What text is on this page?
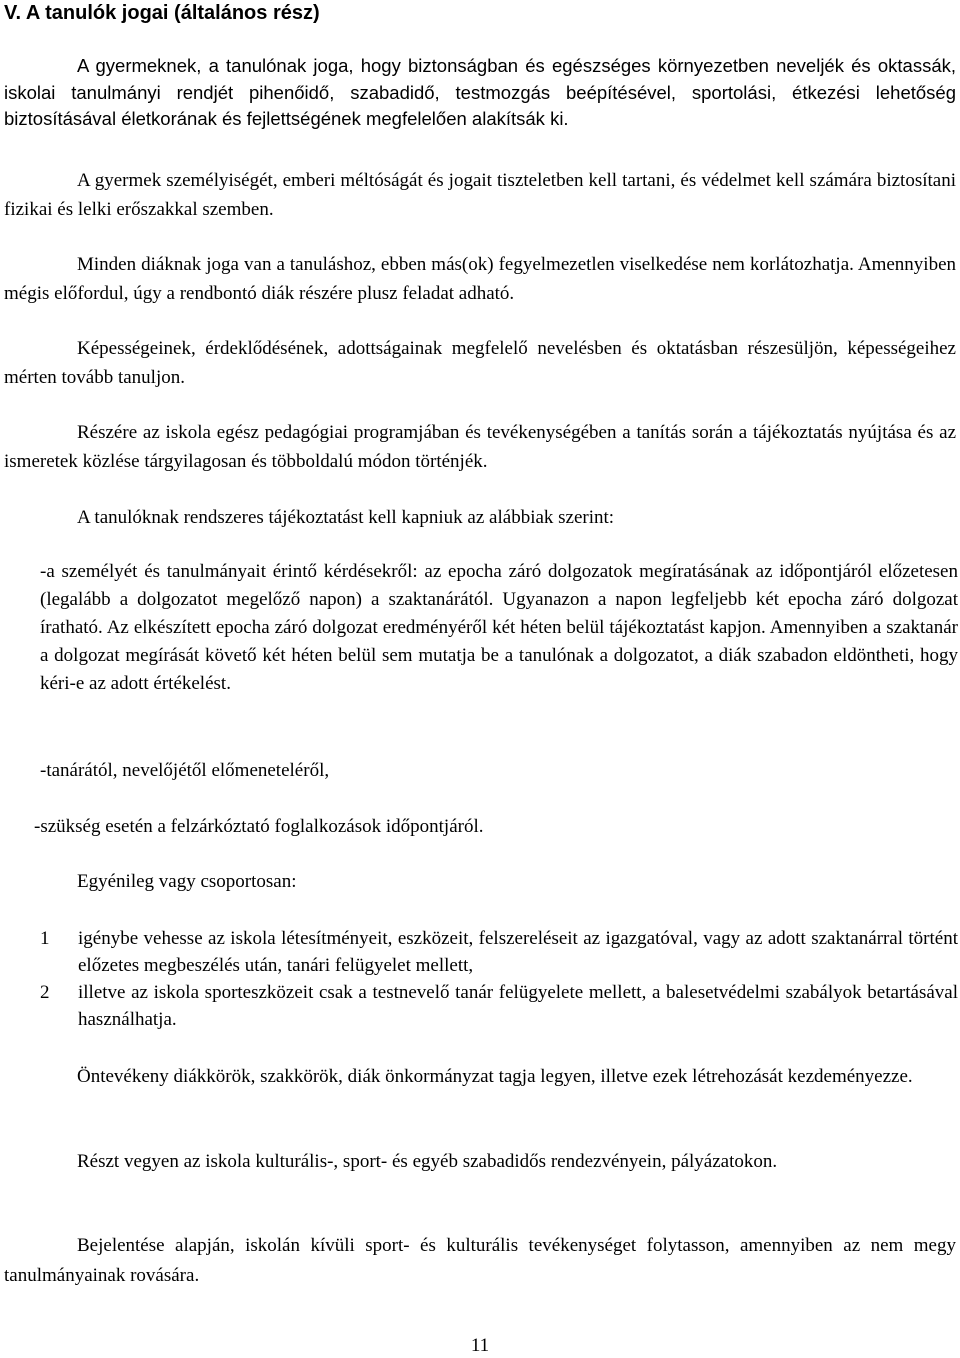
V. A tanulók jogai (általános rész)

A gyermeknek, a tanulónak joga, hogy biztonságban és egészséges környezetben neveljék és oktassák, iskolai tanulmányi rendjét pihenőidő, szabadidő, testmozgás beépítésével, sportolási, étkezési lehetőség biztosításával életkorának és fejlettségének megfelelően alakítsák ki.

A gyermek személyiségét, emberi méltóságát és jogait tiszteletben kell tartani, és védelmet kell számára biztosítani fizikai és lelki erőszakkal szemben.

Minden diáknak joga van a tanuláshoz, ebben más(ok) fegyelmezetlen viselkedése nem korlátozhatja. Amennyiben mégis előfordul, úgy a rendbontó diák részére plusz feladat adható.

Képességeinek, érdeklődésének, adottságainak megfelelő nevelésben és oktatásban részesüljön, képességeihez mérten tovább tanuljon.

Részére az iskola egész pedagógiai programjában és tevékenységében a tanítás során a tájékoztatás nyújtása és az ismeretek közlése tárgyilagosan és többoldalú módon történjék.

A tanulóknak rendszeres tájékoztatást kell kapniuk az alábbiak szerint:

-a személyét és tanulmányait érintő kérdésekről: az epocha záró dolgozatok megíratásának az időpontjáról előzetesen (legalább a dolgozatot megelőző napon) a szaktanárától. Ugyanazon a napon legfeljebb két epocha záró dolgozat íratható. Az elkészített epocha záró dolgozat eredményéről két héten belül tájékoztatást kapjon. Amennyiben a szaktanár a dolgozat megírását követő két héten belül sem mutatja be a tanulónak a dolgozatot, a diák szabadon eldöntheti, hogy kéri-e az adott értékelést.

-tanárától, nevelőjétől előmeneteléről,

-szükség esetén a felzárkóztató foglalkozások időpontjáról.

Egyénileg vagy csoportosan:

1 igénybe vehesse az iskola létesítményeit, eszközeit, felszereléseit az igazgatóval, vagy az adott szaktanárral történt előzetes megbeszélés után, tanári felügyelet mellett,
2 illetve az iskola sporteszközeit csak a testnevelő tanár felügyelete mellett, a balesetvédelmi szabályok betartásával használhatja.

Öntevékeny diákkörök, szakkörök, diák önkormányzat tagja legyen, illetve ezek létrehozását kezdeményezze.

Részt vegyen az iskola kulturális-, sport- és egyéb szabadidős rendezvényein, pályázatokon.

Bejelentése alapján, iskolán kívüli sport- és kulturális tevékenységet folytasson, amennyiben az nem megy tanulmányainak rovására.

11
